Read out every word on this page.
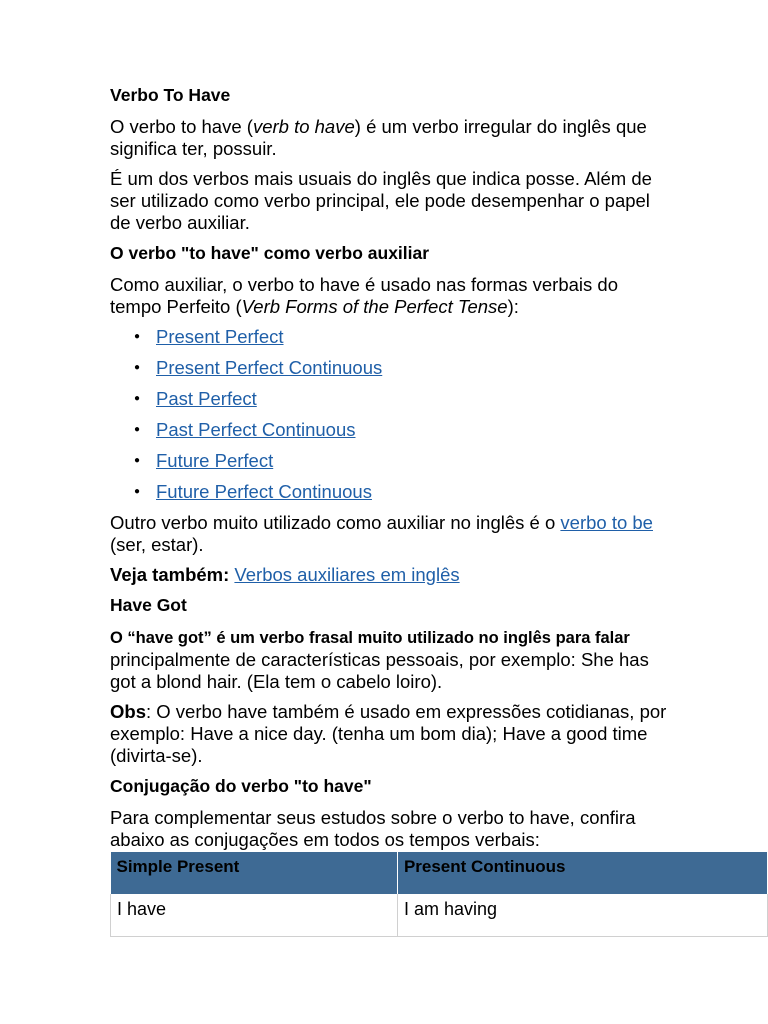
Verbo To Have

O verbo to have (verb to have) é um verbo irregular do inglês que significa ter, possuir.

É um dos verbos mais usuais do inglês que indica posse. Além de ser utilizado como verbo principal, ele pode desempenhar o papel de verbo auxiliar.

O verbo "to have" como verbo auxiliar

Como auxiliar, o verbo to have é usado nas formas verbais do tempo Perfeito (Verb Forms of the Perfect Tense):

● Present Perfect
● Present Perfect Continuous
● Past Perfect
● Past Perfect Continuous
● Future Perfect
● Future Perfect Continuous

Outro verbo muito utilizado como auxiliar no inglês é o verbo to be (ser, estar).

Veja também: Verbos auxiliares em inglês

Have Got

O “have got” é um verbo frasal muito utilizado no inglês para falar
principalmente de características pessoais, por exemplo: She has got a blond hair. (Ela tem o cabelo loiro).

Obs: O verbo have também é usado em expressões cotidianas, por exemplo: Have a nice day. (tenha um bom dia); Have a good time (divirta-se).

Conjugação do verbo "to have"

Para complementar seus estudos sobre o verbo to have, confira abaixo as conjugações em todos os tempos verbais:

Simple Present	Present Continuous
I have	I am having
